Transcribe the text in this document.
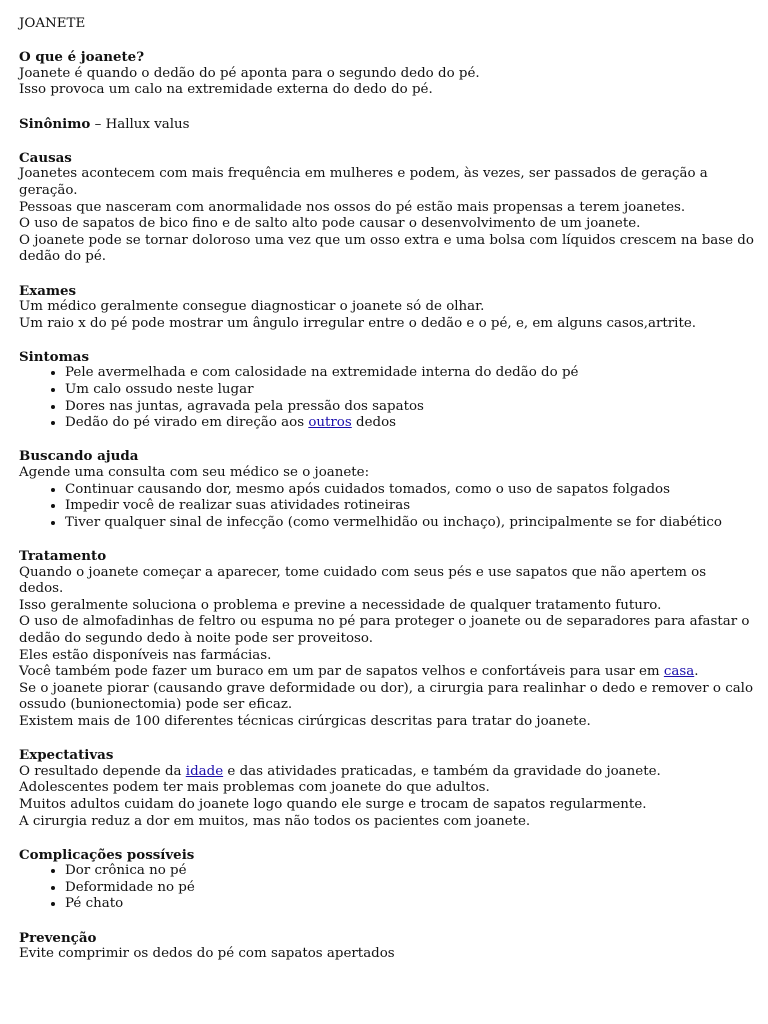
JOANETE
O que é joanete?
Joanete é quando o dedão do pé aponta para o segundo dedo do pé.
Isso provoca um calo na extremidade externa do dedo do pé.
Sinônimo – Hallux valus
Causas
Joanetes acontecem com mais frequência em mulheres e podem, às vezes, ser passados de geração a geração.
Pessoas que nasceram com anormalidade nos ossos do pé estão mais propensas a terem joanetes.
O uso de sapatos de bico fino e de salto alto pode causar o desenvolvimento de um joanete.
O joanete pode se tornar doloroso uma vez que um osso extra e uma bolsa com líquidos crescem na base do dedão do pé.
Exames
Um médico geralmente consegue diagnosticar o joanete só de olhar.
Um raio x do pé pode mostrar um ângulo irregular entre o dedão e o pé, e, em alguns casos,artrite.
Sintomas
• Pele avermelhada e com calosidade na extremidade interna do dedão do pé
• Um calo ossudo neste lugar
• Dores nas juntas, agravada pela pressão dos sapatos
• Dedão do pé virado em direção aos outros dedos
Buscando ajuda
Agende uma consulta com seu médico se o joanete:
• Continuar causando dor, mesmo após cuidados tomados, como o uso de sapatos folgados
• Impedir você de realizar suas atividades rotineiras
• Tiver qualquer sinal de infecção (como vermelhidão ou inchaço), principalmente se for diabético
Tratamento
Quando o joanete começar a aparecer, tome cuidado com seus pés e use sapatos que não apertem os dedos.
Isso geralmente soluciona o problema e previne a necessidade de qualquer tratamento futuro.
O uso de almofadinhas de feltro ou espuma no pé para proteger o joanete ou de separadores para afastar o dedão do segundo dedo à noite pode ser proveitoso.
Eles estão disponíveis nas farmácias.
Você também pode fazer um buraco em um par de sapatos velhos e confortáveis para usar em casa.
Se o joanete piorar (causando grave deformidade ou dor), a cirurgia para realinhar o dedo e remover o calo ossudo (bunionectomia) pode ser eficaz.
Existem mais de 100 diferentes técnicas cirúrgicas descritas para tratar do joanete.
Expectativas
O resultado depende da idade e das atividades praticadas, e também da gravidade do joanete.
Adolescentes podem ter mais problemas com joanete do que adultos.
Muitos adultos cuidam do joanete logo quando ele surge e trocam de sapatos regularmente.
A cirurgia reduz a dor em muitos, mas não todos os pacientes com joanete.
Complicações possíveis
• Dor crônica no pé
• Deformidade no pé
• Pé chato
Prevenção
Evite comprimir os dedos do pé com sapatos apertados
